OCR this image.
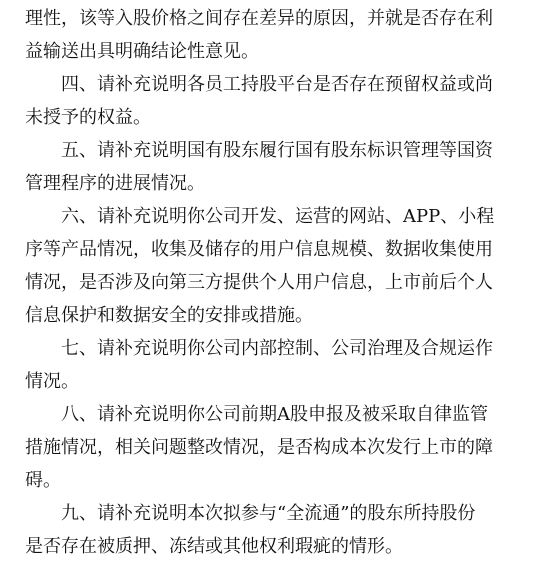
理性，该等入股价格之间存在差异的原因，并就是否存在利
益输送出具明确结论性意见。
四、请补充说明各员工持股平台是否存在预留权益或尚
未授予的权益。
五、请补充说明国有股东履行国有股东标识管理等国资
管理程序的进展情况。
六、请补充说明你公司开发、运营的网站、APP、小程
序等产品情况，收集及储存的用户信息规模、数据收集使用
情况，是否涉及向第三方提供个人用户信息，上市前后个人
信息保护和数据安全的安排或措施。
七、请补充说明你公司内部控制、公司治理及合规运作
情况。
八、请补充说明你公司前期A股申报及被采取自律监管
措施情况，相关问题整改情况，是否构成本次发行上市的障
碍。
九、请补充说明本次拟参与“全流通”的股东所持股份
是否存在被质押、冻结或其他权利瑕疵的情形。
